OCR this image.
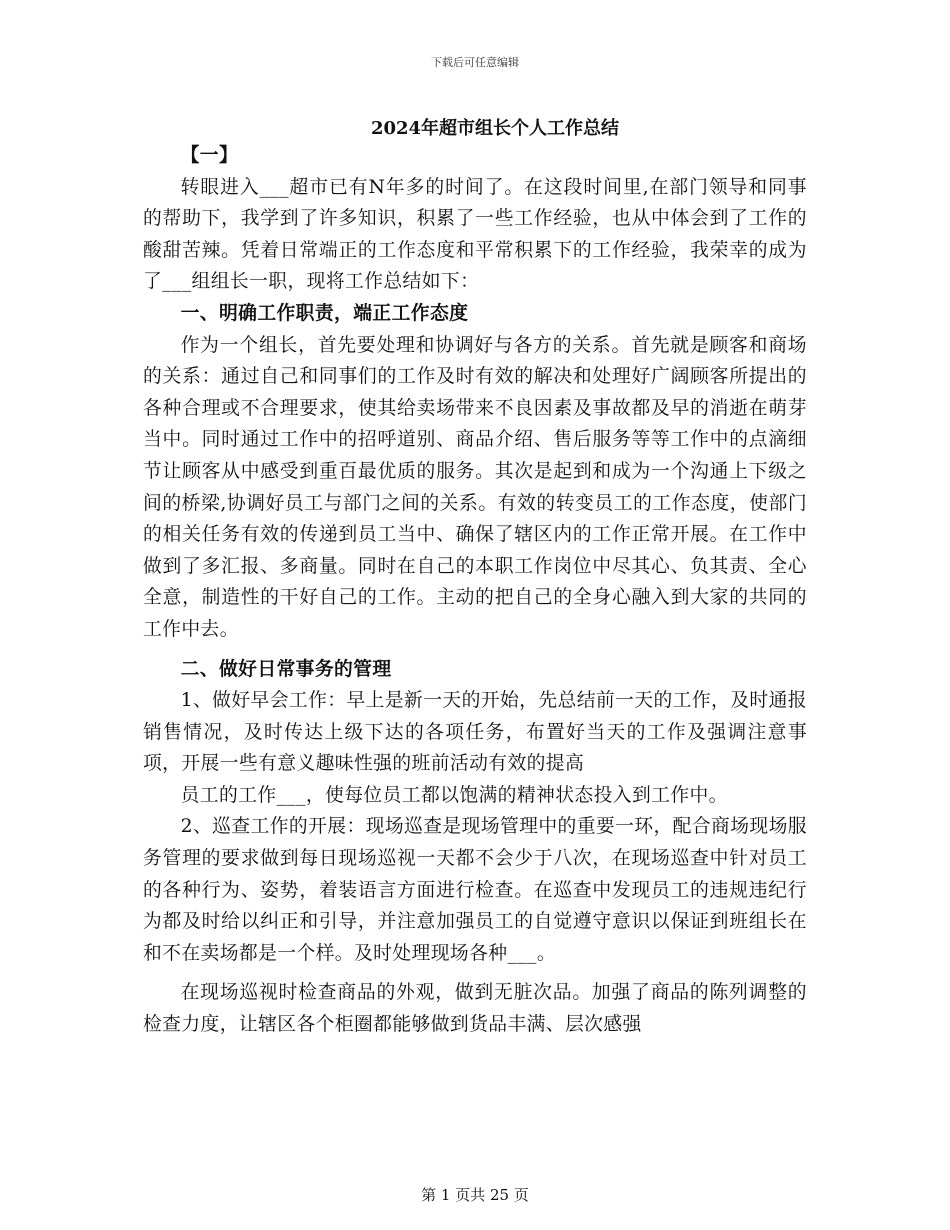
下载后可任意编辑
2024年超市组长个人工作总结

【一】

转眼进入___超市已有N年多的时间了。在这段时间里,在部门领导和同事的帮助下，我学到了许多知识，积累了一些工作经验，也从中体会到了工作的酸甜苦辣。凭着日常端正的工作态度和平常积累下的工作经验，我荣幸的成为了___组组长一职，现将工作总结如下：

一、明确工作职责，端正工作态度

作为一个组长，首先要处理和协调好与各方的关系。首先就是顾客和商场的关系：通过自己和同事们的工作及时有效的解决和处理好广阔顾客所提出的各种合理或不合理要求，使其给卖场带来不良因素及事故都及早的消逝在萌芽当中。同时通过工作中的招呼道别、商品介绍、售后服务等等工作中的点滴细节让顾客从中感受到重百最优质的服务。其次是起到和成为一个沟通上下级之间的桥梁,协调好员工与部门之间的关系。有效的转变员工的工作态度，使部门的相关任务有效的传递到员工当中、确保了辖区内的工作正常开展。在工作中做到了多汇报、多商量。同时在自己的本职工作岗位中尽其心、负其责、全心全意，制造性的干好自己的工作。主动的把自己的全身心融入到大家的共同的工作中去。

二、做好日常事务的管理

1、做好早会工作：早上是新一天的开始，先总结前一天的工作，及时通报销售情况，及时传达上级下达的各项任务，布置好当天的工作及强调注意事项，开展一些有意义趣味性强的班前活动有效的提高

员工的工作___，使每位员工都以饱满的精神状态投入到工作中。

2、巡查工作的开展：现场巡查是现场管理中的重要一环，配合商场现场服务管理的要求做到每日现场巡视一天都不会少于八次，在现场巡查中针对员工的各种行为、姿势，着装语言方面进行检查。在巡查中发现员工的违规违纪行为都及时给以纠正和引导，并注意加强员工的自觉遵守意识以保证到班组长在和不在卖场都是一个样。及时处理现场各种___。

在现场巡视时检查商品的外观，做到无脏次品。加强了商品的陈列调整的检查力度，让辖区各个柜圈都能够做到货品丰满、层次感强

第 1 页共 25 页
